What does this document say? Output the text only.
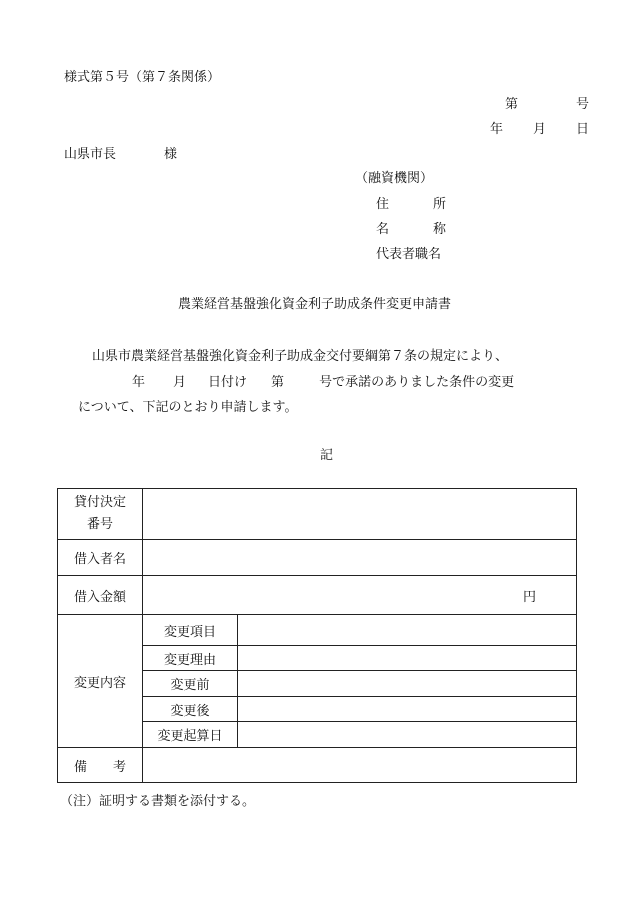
様式第５号（第７条関係）
第	号
年 月 日
山県市長	様
（融資機関）
住	所
名	称
代表者職名
農業経営基盤強化資金利子助成条件変更申請書
山県市農業経営基盤強化資金利子助成金交付要綱第７条の規定により、
年 月 日付け 第	号で承諾のありました条件の変更
について、下記のとおり申請します。
記
貸付決定
番号		

借入者名		
借入金額	円	
変更内容	変更項目	
	変更理由	
	変更前	
	変更後	
	変更起算日	
備 考		
（注）証明する書類を添付する。
